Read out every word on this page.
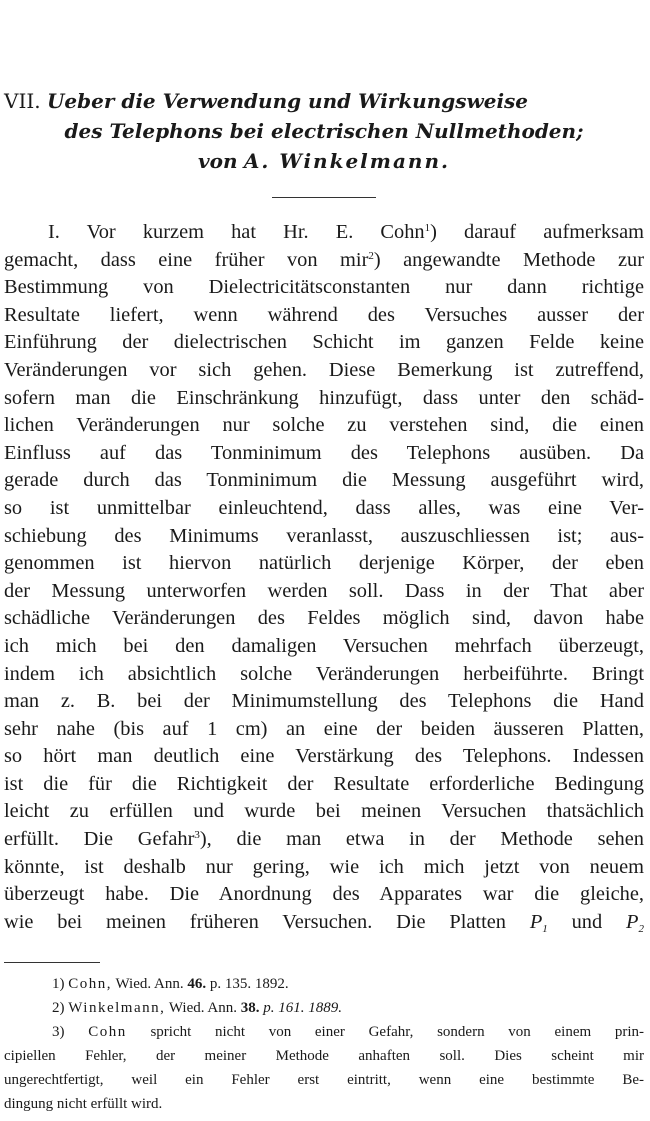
VII. Ueber die Verwendung und Wirkungsweise
des Telephons bei electrischen Nullmethoden;
von A. Winkelmann.
I. Vor kurzem hat Hr. E. Cohn$^1$) darauf aufmerksam
gemacht, dass eine früher von mir$^2$) angewandte Methode zur
Bestimmung von Dielectricitätsconstanten nur dann richtige
Resultate liefert, wenn während des Versuches ausser der
Einführung der dielectrischen Schicht im ganzen Felde keine
Veränderungen vor sich gehen. Diese Bemerkung ist zutreffend,
sofern man die Einschränkung hinzufügt, dass unter den schäd-
lichen Veränderungen nur solche zu verstehen sind, die einen
Einfluss auf das Tonminimum des Telephons ausüben. Da
gerade durch das Tonminimum die Messung ausgeführt wird,
so ist unmittelbar einleuchtend, dass alles, was eine Ver-
schiebung des Minimums veranlasst, auszuschliessen ist; aus-
genommen ist hiervon natürlich derjenige Körper, der eben
der Messung unterworfen werden soll. Dass in der That aber
schädliche Veränderungen des Feldes möglich sind, davon habe
ich mich bei den damaligen Versuchen mehrfach überzeugt,
indem ich absichtlich solche Veränderungen herbeiführte. Bringt
man z. B. bei der Minimumstellung des Telephons die Hand
sehr nahe (bis auf 1 cm) an eine der beiden äusseren Platten,
so hört man deutlich eine Verstärkung des Telephons. Indessen
ist die für die Richtigkeit der Resultate erforderliche Bedingung
leicht zu erfüllen und wurde bei meinen Versuchen thatsächlich
erfüllt. Die Gefahr$^3$), die man etwa in der Methode sehen
könnte, ist deshalb nur gering, wie ich mich jetzt von neuem
überzeugt habe. Die Anordnung des Apparates war die gleiche,
wie bei meinen früheren Versuchen. Die Platten $P_1$ und $P_2$
1) Cohn, Wied. Ann. 46. p. 135. 1892.
2) Winkelmann, Wied. Ann. 38. p. 161. 1889.
3) Cohn spricht nicht von einer Gefahr, sondern von einem prin-
cipiellen Fehler, der meiner Methode anhaften soll. Dies scheint mir
ungerechtfertigt, weil ein Fehler erst eintritt, wenn eine bestimmte Be-
dingung nicht erfüllt wird.
